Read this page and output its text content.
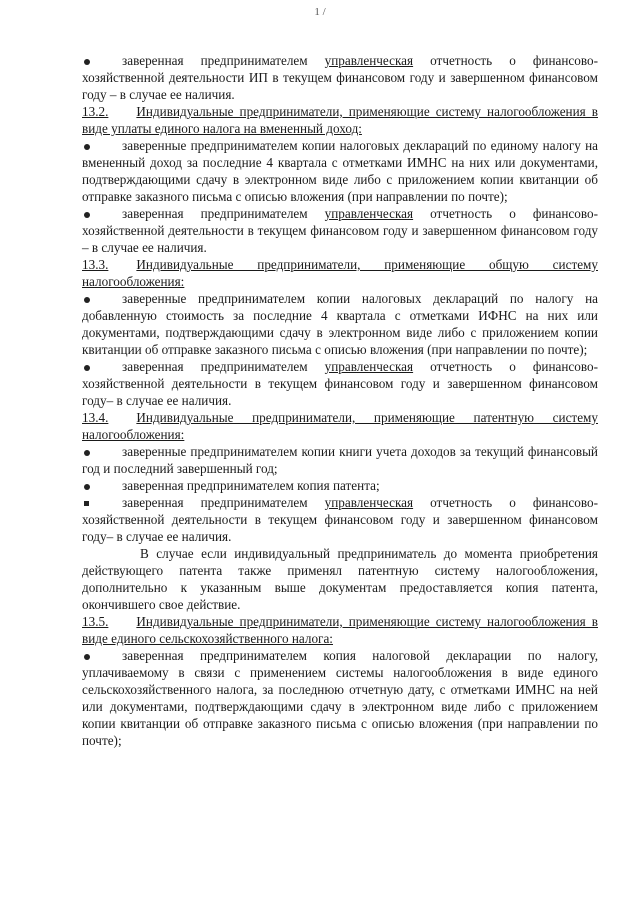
1 /

заверенная предпринимателем управленческая отчетность о финансово-хозяйственной деятельности ИП в текущем финансовом году и завершенном финансовом году – в случае ее наличия.

13.2. Индивидуальные предприниматели, применяющие систему налогообложения в виде уплаты единого налога на вмененный доход:

заверенные предпринимателем копии налоговых деклараций по единому налогу на вмененный доход за последние 4 квартала с отметками ИМНС на них или документами, подтверждающими сдачу в электронном виде либо с приложением копии квитанции об отправке заказного письма с описью вложения (при направлении по почте);

заверенная предпринимателем управленческая отчетность о финансово-хозяйственной деятельности в текущем финансовом году и завершенном финансовом году – в случае ее наличия.

13.3. Индивидуальные предприниматели, применяющие общую систему налогообложения:

заверенные предпринимателем копии налоговых деклараций по налогу на добавленную стоимость за последние 4 квартала с отметками ИФНС на них или документами, подтверждающими сдачу в электронном виде либо с приложением копии квитанции об отправке заказного письма с описью вложения (при направлении по почте);

заверенная предпринимателем управленческая отчетность о финансово-хозяйственной деятельности в текущем финансовом году и завершенном финансовом году– в случае ее наличия.

13.4. Индивидуальные предприниматели, применяющие патентную систему налогообложения:

заверенные предпринимателем копии книги учета доходов за текущий финансовый год и последний завершенный год;

заверенная предпринимателем копия патента;

заверенная предпринимателем управленческая отчетность о финансово-хозяйственной деятельности в текущем финансовом году и завершенном финансовом году– в случае ее наличия.

В случае если индивидуальный предприниматель до момента приобретения действующего патента также применял патентную систему налогообложения, дополнительно к указанным выше документам предоставляется копия патента, окончившего свое действие.

13.5. Индивидуальные предприниматели, применяющие систему налогообложения в виде единого сельскохозяйственного налога:

заверенная предпринимателем копия налоговой декларации по налогу, уплачиваемому в связи с применением системы налогообложения в виде единого сельскохозяйственного налога, за последнюю отчетную дату, с отметками ИМНС на ней или документами, подтверждающими сдачу в электронном виде либо с приложением копии квитанции об отправке заказного письма с описью вложения (при направлении по почте);
